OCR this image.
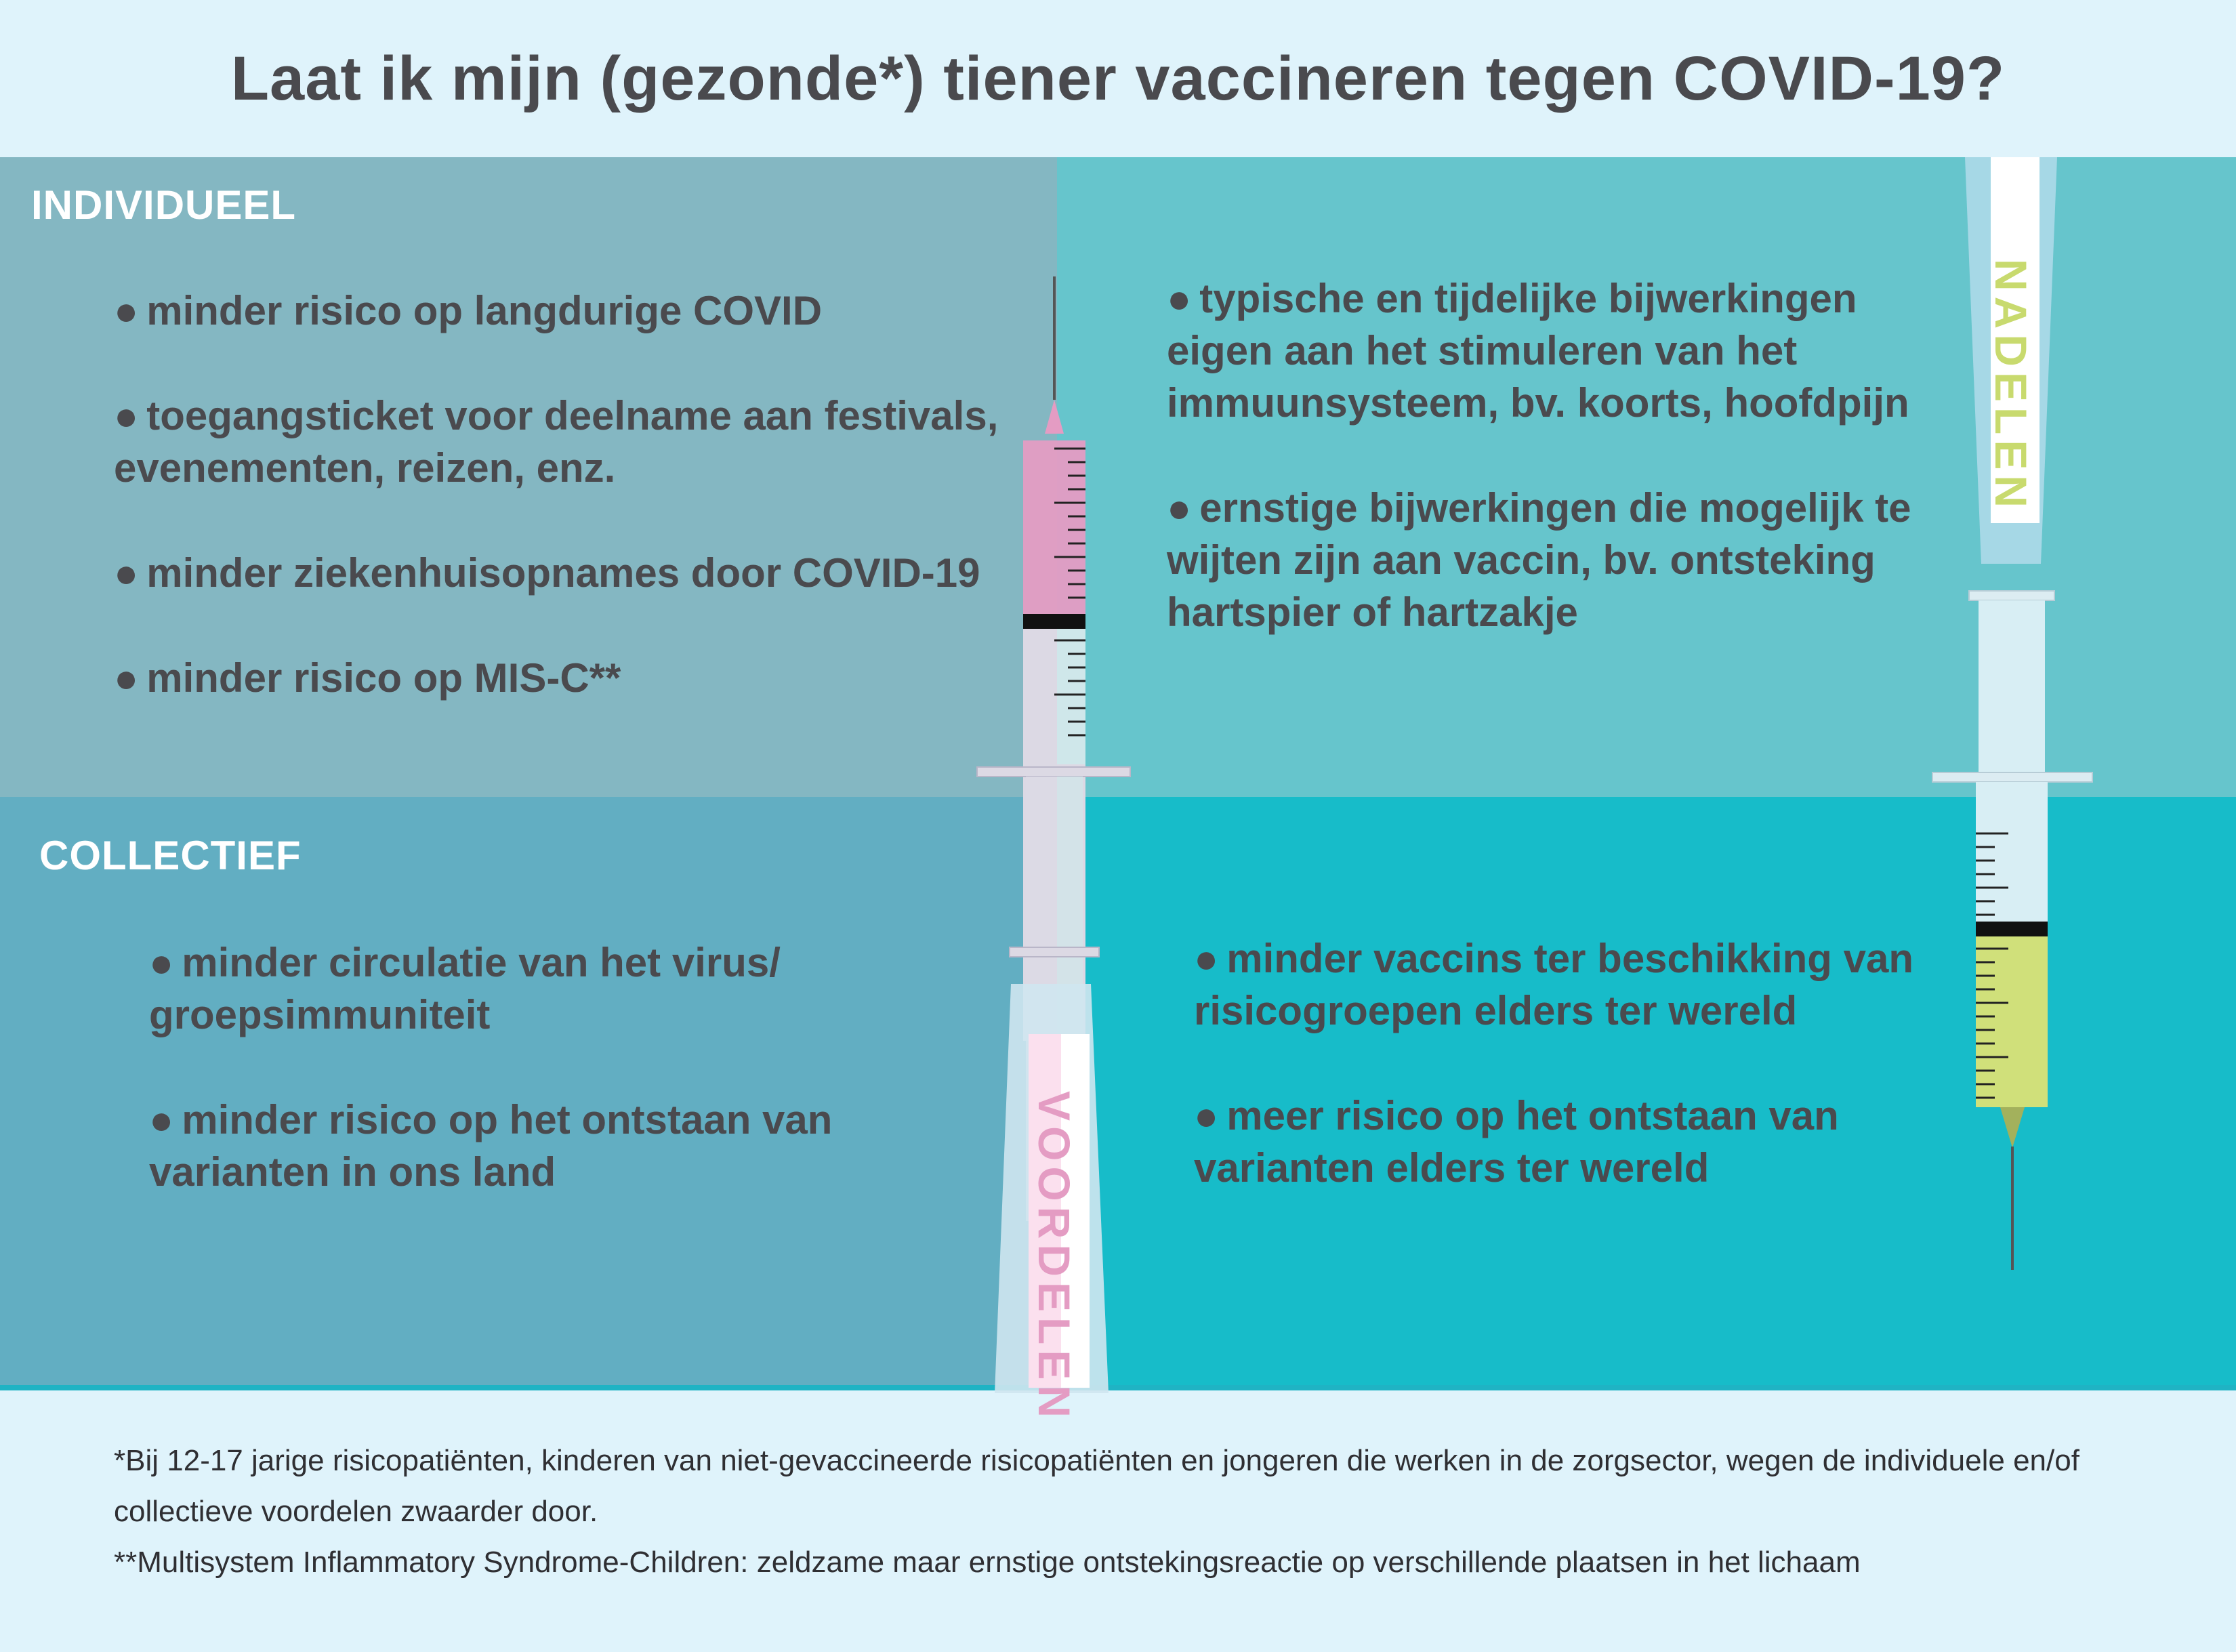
Laat ik mijn (gezonde*) tiener vaccineren tegen COVID-19?
INDIVIDUEEL
COLLECTIEF
● minder risico op langdurige COVID
● toegangsticket voor deelname aan festivals, evenementen, reizen, enz.
● minder ziekenhuisopnames door COVID-19
● minder risico op MIS-C**
● typische en tijdelijke bijwerkingen eigen aan het stimuleren van het immuunsysteem, bv. koorts, hoofdpijn
● ernstige bijwerkingen die mogelijk te wijten zijn aan vaccin, bv. ontsteking hartspier of hartzakje
● minder circulatie van het virus/ groepsimmuniteit
● minder risico op het ontstaan van varianten in ons land
● minder vaccins ter beschikking van risicogroepen elders ter wereld
● meer risico op het ontstaan van varianten elders ter wereld
VOORDELEN
NADELEN

*Bij 12-17 jarige risicopatiënten, kinderen van niet-gevaccineerde risicopatiënten en jongeren die werken in de zorgsector, wegen de individuele en/of collectieve voordelen zwaarder door.

**Multisystem Inflammatory Syndrome-Children: zeldzame maar ernstige ontstekingsreactie op verschillende plaatsen in het lichaam
